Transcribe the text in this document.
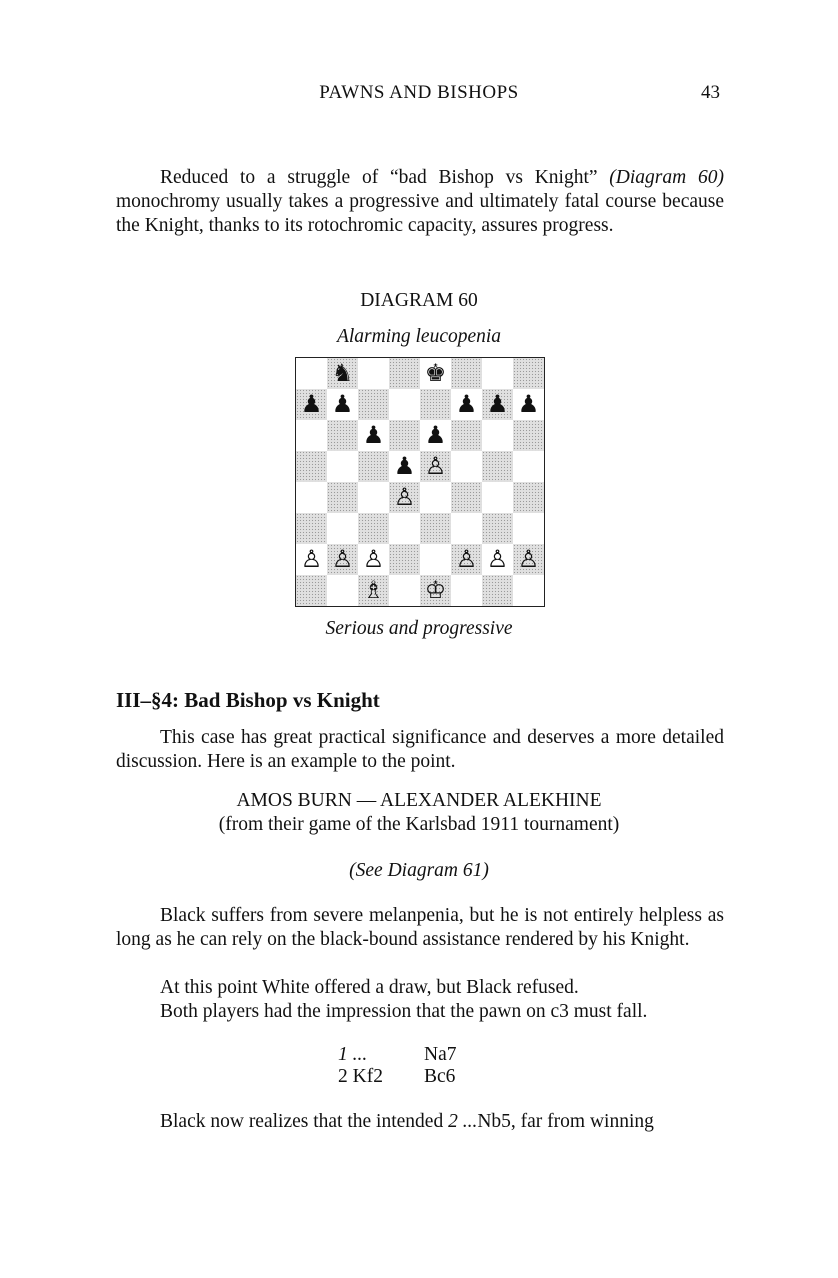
PAWNS AND BISHOPS	43
Reduced to a struggle of “bad Bishop vs Knight” (Diagram 60) monochromy usually takes a progressive and ultimately fatal course because the Knight, thanks to its rotochromic capacity, assures progress.
DIAGRAM 60
Alarming leucopenia
♞	♚
♟ ♟	♟ ♟ ♟
♟ ♟
♟ ♙
♙
♙ ♙ ♙	♙ ♙ ♙
♗ ♔
Serious and progressive
III–§4: Bad Bishop vs Knight
This case has great practical significance and deserves a more detailed discussion. Here is an example to the point.
AMOS BURN — ALEXANDER ALEKHINE
(from their game of the Karlsbad 1911 tournament)
(See Diagram 61)
Black suffers from severe melanpenia, but he is not entirely helpless as long as he can rely on the black-bound assistance rendered by his Knight.
At this point White offered a draw, but Black refused.
Both players had the impression that the pawn on c3 must fall.
1 ...	Na7
2 Kf2 Bc6
Black now realizes that the intended 2 ...Nb5, far from winning
